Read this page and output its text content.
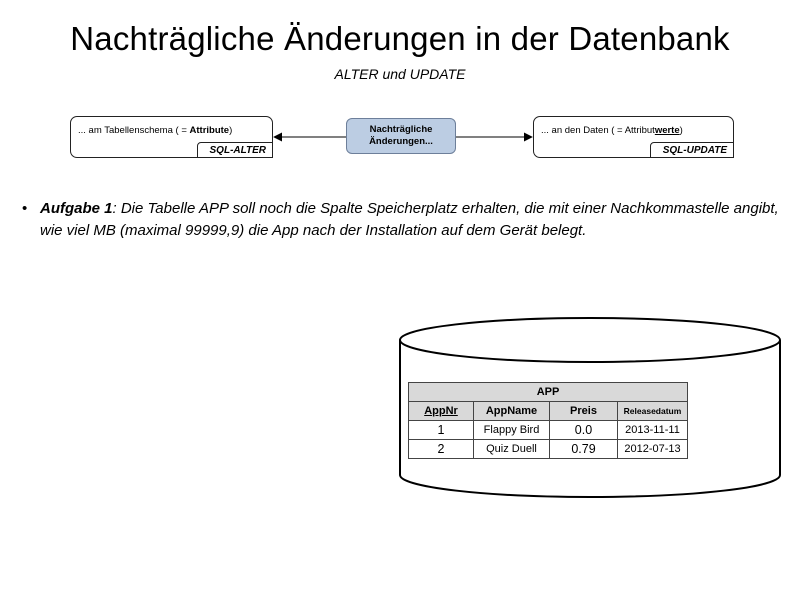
Nachträgliche Änderungen in der Datenbank
ALTER und UPDATE
... am Tabellenschema ( = Attribute)
SQL-ALTER
Nachträgliche
Änderungen...
... an den Daten ( = Attributwerte)
SQL-UPDATE
• Aufgabe 1: Die Tabelle APP soll noch die Spalte Speicherplatz erhalten, die mit einer Nachkommastelle angibt, wie viel MB (maximal 99999,9) die App nach der Installation auf dem Gerät belegt.
APP			
AppNr	AppName	Preis	Releasedatum
1	Flappy Bird	0.0	2013-11-11
2	Quiz Duell	0.79	2012-07-13
